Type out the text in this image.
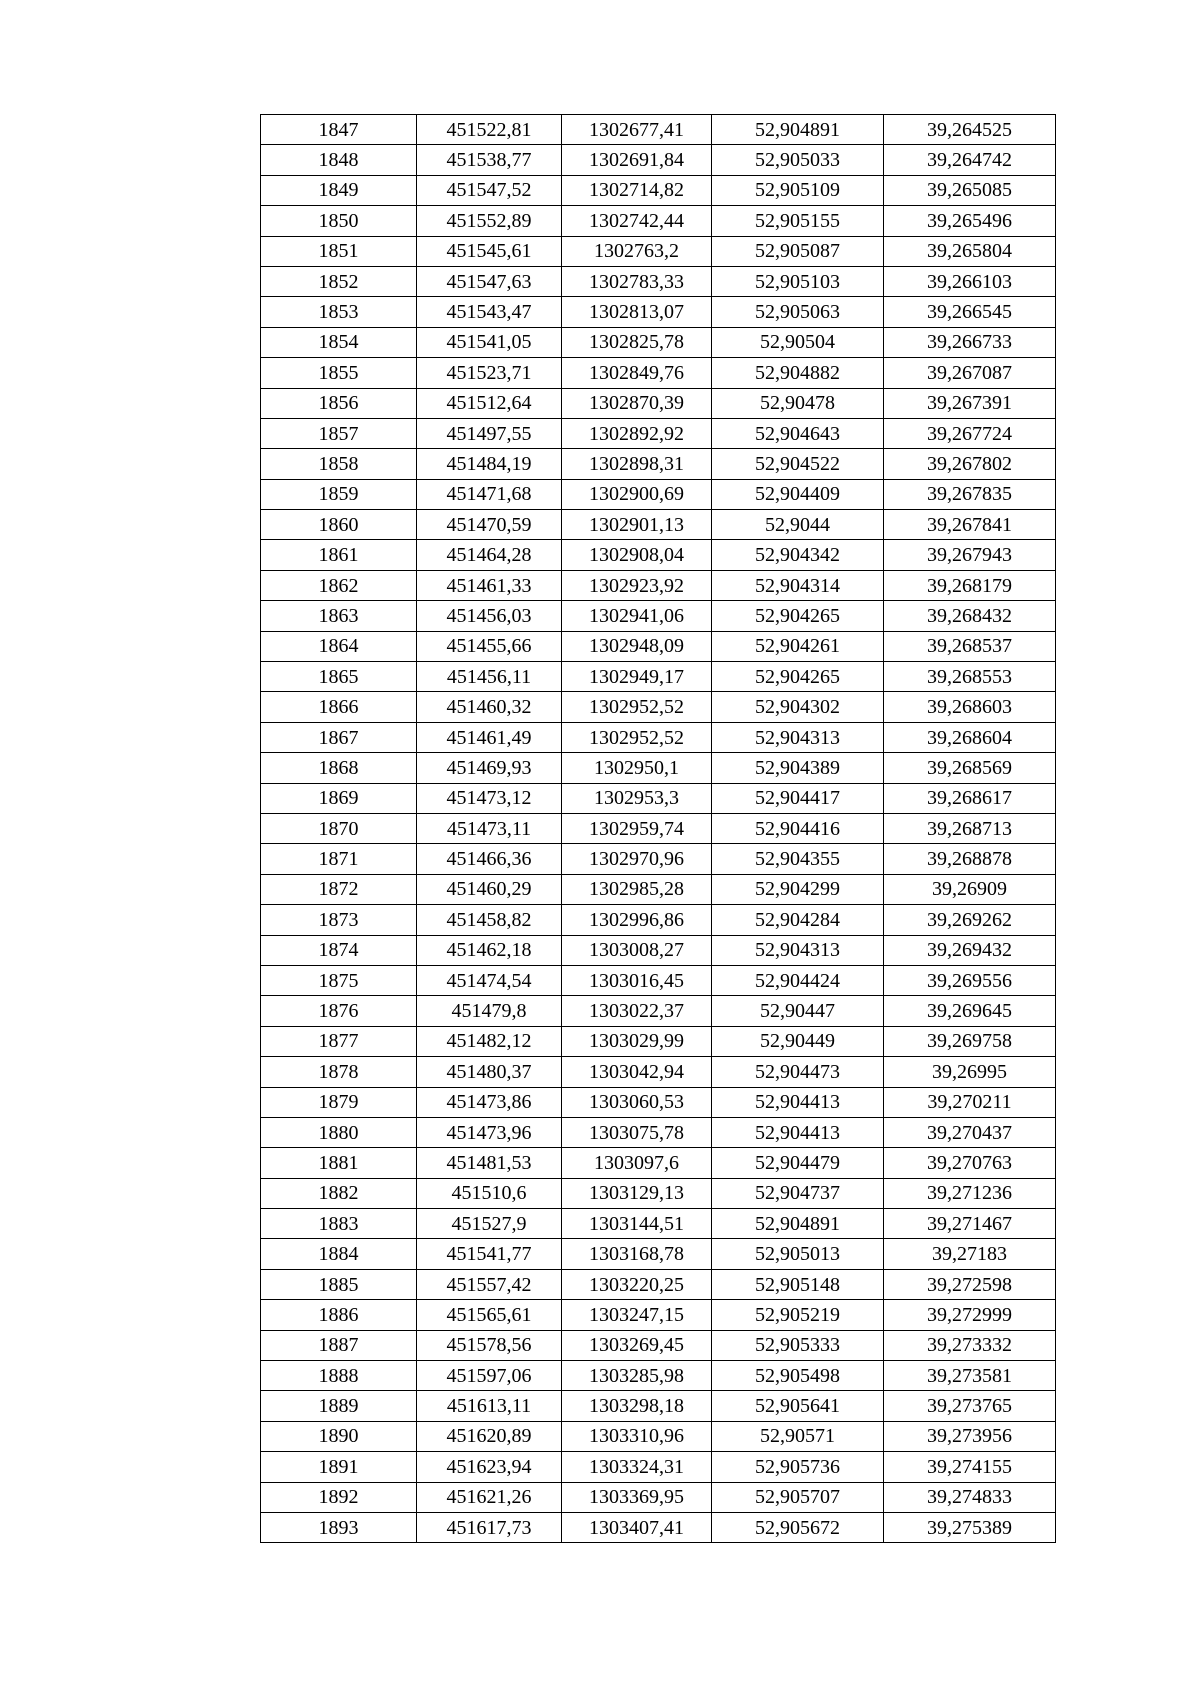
1847	451522,81	1302677,41	52,904891	39,264525
1848	451538,77	1302691,84	52,905033	39,264742
1849	451547,52	1302714,82	52,905109	39,265085
1850	451552,89	1302742,44	52,905155	39,265496
1851	451545,61	1302763,2	52,905087	39,265804
1852	451547,63	1302783,33	52,905103	39,266103
1853	451543,47	1302813,07	52,905063	39,266545
1854	451541,05	1302825,78	52,90504	39,266733
1855	451523,71	1302849,76	52,904882	39,267087
1856	451512,64	1302870,39	52,90478	39,267391
1857	451497,55	1302892,92	52,904643	39,267724
1858	451484,19	1302898,31	52,904522	39,267802
1859	451471,68	1302900,69	52,904409	39,267835
1860	451470,59	1302901,13	52,9044	39,267841
1861	451464,28	1302908,04	52,904342	39,267943
1862	451461,33	1302923,92	52,904314	39,268179
1863	451456,03	1302941,06	52,904265	39,268432
1864	451455,66	1302948,09	52,904261	39,268537
1865	451456,11	1302949,17	52,904265	39,268553
1866	451460,32	1302952,52	52,904302	39,268603
1867	451461,49	1302952,52	52,904313	39,268604
1868	451469,93	1302950,1	52,904389	39,268569
1869	451473,12	1302953,3	52,904417	39,268617
1870	451473,11	1302959,74	52,904416	39,268713
1871	451466,36	1302970,96	52,904355	39,268878
1872	451460,29	1302985,28	52,904299	39,26909
1873	451458,82	1302996,86	52,904284	39,269262
1874	451462,18	1303008,27	52,904313	39,269432
1875	451474,54	1303016,45	52,904424	39,269556
1876	451479,8	1303022,37	52,90447	39,269645
1877	451482,12	1303029,99	52,90449	39,269758
1878	451480,37	1303042,94	52,904473	39,26995
1879	451473,86	1303060,53	52,904413	39,270211
1880	451473,96	1303075,78	52,904413	39,270437
1881	451481,53	1303097,6	52,904479	39,270763
1882	451510,6	1303129,13	52,904737	39,271236
1883	451527,9	1303144,51	52,904891	39,271467
1884	451541,77	1303168,78	52,905013	39,27183
1885	451557,42	1303220,25	52,905148	39,272598
1886	451565,61	1303247,15	52,905219	39,272999
1887	451578,56	1303269,45	52,905333	39,273332
1888	451597,06	1303285,98	52,905498	39,273581
1889	451613,11	1303298,18	52,905641	39,273765
1890	451620,89	1303310,96	52,90571	39,273956
1891	451623,94	1303324,31	52,905736	39,274155
1892	451621,26	1303369,95	52,905707	39,274833
1893	451617,73	1303407,41	52,905672	39,275389
